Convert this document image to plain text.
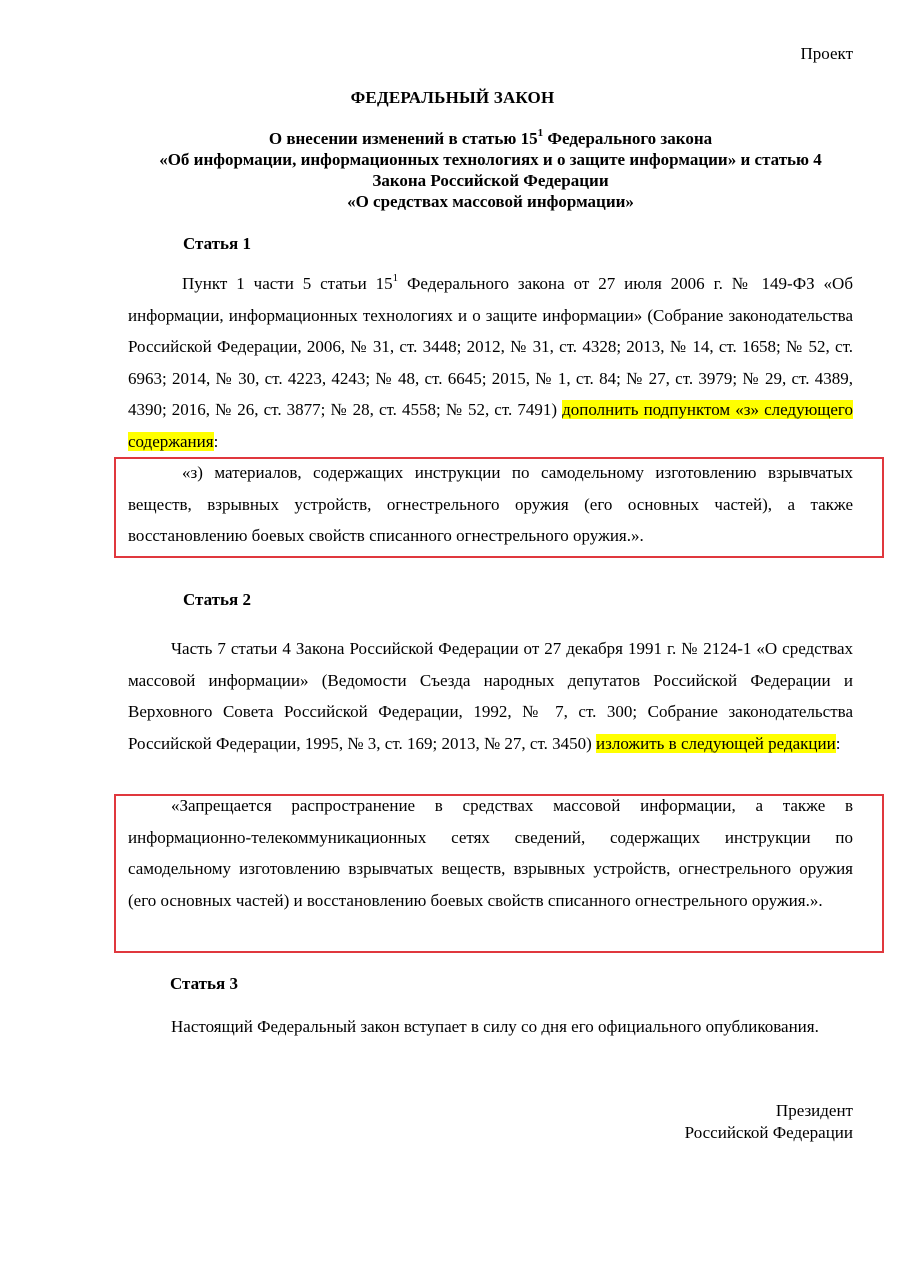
Проект
ФЕДЕРАЛЬНЫЙ ЗАКОН
О внесении изменений в статью $15^1$ Федерального закона
«Об информации, информационных технологиях и о защите информации» и статью 4
Закона Российской Федерации
«О средствах массовой информации»
Статья 1
Пункт 1 части 5 статьи $15^1$ Федерального закона от 27 июля 2006 г. № 149-ФЗ «Об информации, информационных технологиях и о защите информации» (Собрание законодательства Российской Федерации, 2006, № 31, ст. 3448; 2012, № 31, ст. 4328; 2013, № 14, ст. 1658; № 52, ст. 6963; 2014, № 30, ст. 4223, 4243; № 48, ст. 6645; 2015, № 1, ст. 84; № 27, ст. 3979; № 29, ст. 4389, 4390; 2016, № 26, ст. 3877; № 28, ст. 4558; № 52, ст. 7491) дополнить подпунктом «з» следующего содержания:
«з) материалов, содержащих инструкции по самодельному изготовлению взрывчатых веществ, взрывных устройств, огнестрельного оружия (его основных частей), а также восстановлению боевых свойств списанного огнестрельного оружия.».
Статья 2
Часть 7 статьи 4 Закона Российской Федерации от 27 декабря 1991 г. № 2124-1 «О средствах массовой информации» (Ведомости Съезда народных депутатов Российской Федерации и Верховного Совета Российской Федерации, 1992, № 7, ст. 300; Собрание законодательства Российской Федерации, 1995, № 3, ст. 169; 2013, № 27, ст. 3450) изложить в следующей редакции:
«Запрещается распространение в средствах массовой информации, а также в информационно-телекоммуникационных сетях сведений, содержащих инструкции по самодельному изготовлению взрывчатых веществ, взрывных устройств, огнестрельного оружия (его основных частей) и восстановлению боевых свойств списанного огнестрельного оружия.».
Статья 3
Настоящий Федеральный закон вступает в силу со дня его официального опубликования.
Президент
Российской Федерации
